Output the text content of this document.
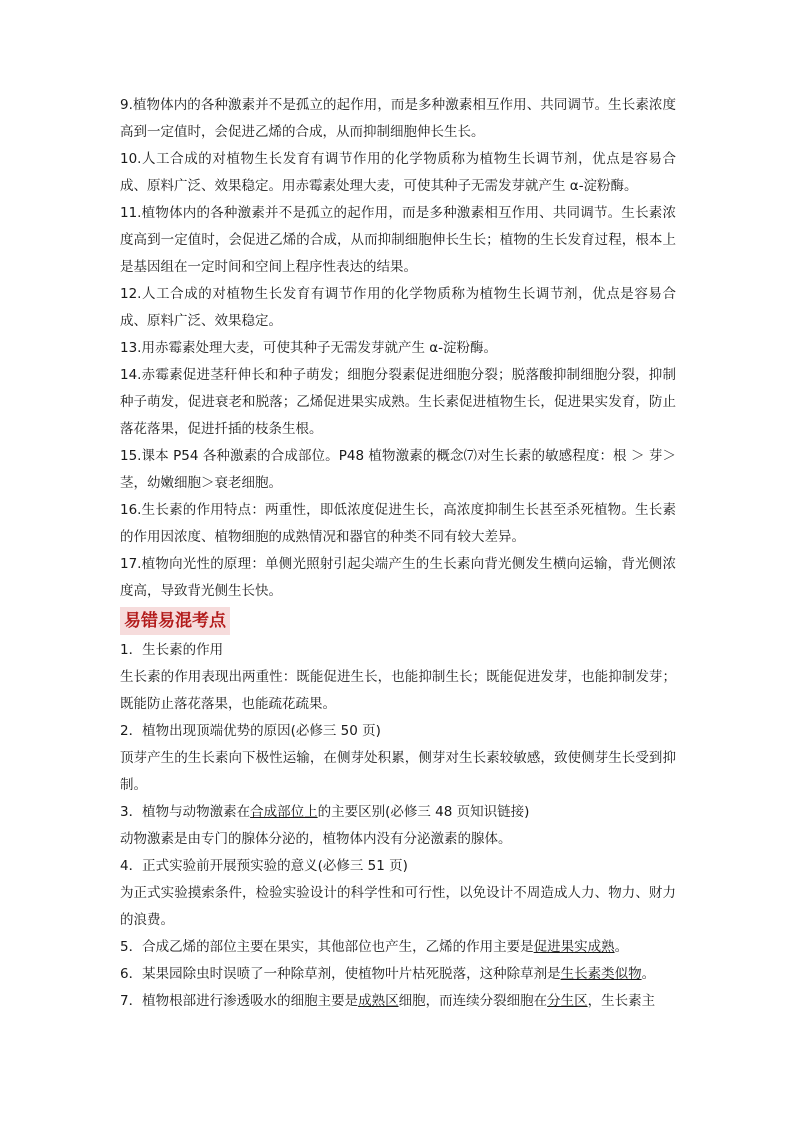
9.植物体内的各种激素并不是孤立的起作用，而是多种激素相互作用、共同调节。生长素浓度高到一定值时，会促进乙烯的合成，从而抑制细胞伸长生长。

10.人工合成的对植物生长发育有调节作用的化学物质称为植物生长调节剂，优点是容易合成、原料广泛、效果稳定。用赤霉素处理大麦，可使其种子无需发芽就产生 α-淀粉酶。

11.植物体内的各种激素并不是孤立的起作用，而是多种激素相互作用、共同调节。生长素浓度高到一定值时，会促进乙烯的合成，从而抑制细胞伸长生长；植物的生长发育过程，根本上是基因组在一定时间和空间上程序性表达的结果。

12.人工合成的对植物生长发育有调节作用的化学物质称为植物生长调节剂，优点是容易合成、原料广泛、效果稳定。

13.用赤霉素处理大麦，可使其种子无需发芽就产生 α-淀粉酶。

14.赤霉素促进茎秆伸长和种子萌发；细胞分裂素促进细胞分裂；脱落酸抑制细胞分裂，抑制种子萌发，促进衰老和脱落；乙烯促进果实成熟。生长素促进植物生长，促进果实发育，防止落花落果，促进扦插的枝条生根。

15.课本 P54 各种激素的合成部位。P48 植物激素的概念⑺对生长素的敏感程度：根 ＞ 芽＞茎，幼嫩细胞＞衰老细胞。

16.生长素的作用特点：两重性，即低浓度促进生长，高浓度抑制生长甚至杀死植物。生长素的作用因浓度、植物细胞的成熟情况和器官的种类不同有较大差异。

17.植物向光性的原理：单侧光照射引起尖端产生的生长素向背光侧发生横向运输，背光侧浓度高，导致背光侧生长快。

易错易混考点

1．生长素的作用

生长素的作用表现出两重性：既能促进生长，也能抑制生长；既能促进发芽，也能抑制发芽；既能防止落花落果，也能疏花疏果。

2．植物出现顶端优势的原因(必修三 50 页)

顶芽产生的生长素向下极性运输，在侧芽处积累，侧芽对生长素较敏感，致使侧芽生长受到抑制。

3．植物与动物激素在合成部位上的主要区别(必修三 48 页知识链接)

动物激素是由专门的腺体分泌的，植物体内没有分泌激素的腺体。

4．正式实验前开展预实验的意义(必修三 51 页)

为正式实验摸索条件，检验实验设计的科学性和可行性，以免设计不周造成人力、物力、财力的浪费。

5．合成乙烯的部位主要在果实，其他部位也产生，乙烯的作用主要是促进果实成熟。

6．某果园除虫时误喷了一种除草剂，使植物叶片枯死脱落，这种除草剂是生长素类似物。

7．植物根部进行渗透吸水的细胞主要是成熟区细胞，而连续分裂细胞在分生区，生长素主
